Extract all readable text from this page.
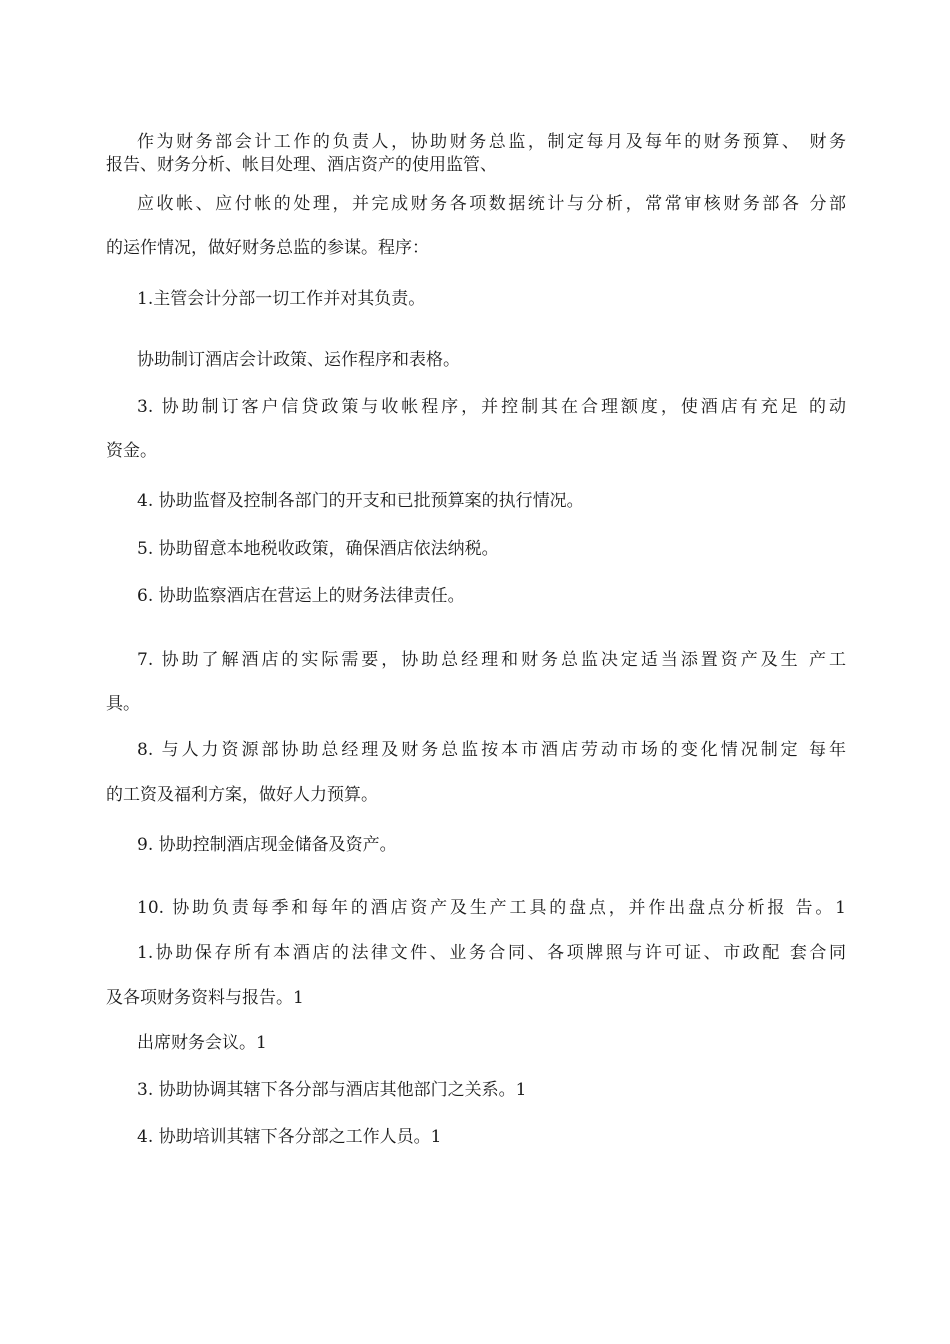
作为财务部会计工作的负责人，协助财务总监，制定每月及每年的财务预算、 财务
报告、财务分析、帐目处理、酒店资产的使用监管、
应收帐、应付帐的处理，并完成财务各项数据统计与分析，常常审核财务部各 分部
的运作情况，做好财务总监的参谋。程序：
1.主管会计分部一切工作并对其负责。
协助制订酒店会计政策、运作程序和表格。
3. 协助制订客户信贷政策与收帐程序，并控制其在合理额度，使酒店有充足 的动
资金。
4. 协助监督及控制各部门的开支和已批预算案的执行情况。
5. 协助留意本地税收政策，确保酒店依法纳税。
6. 协助监察酒店在营运上的财务法律责任。
7. 协助了解酒店的实际需要，协助总经理和财务总监决定适当添置资产及生 产工
具。
8. 与人力资源部协助总经理及财务总监按本市酒店劳动市场的变化情况制定 每年
的工资及福利方案，做好人力预算。
9. 协助控制酒店现金储备及资产。
10. 协助负责每季和每年的酒店资产及生产工具的盘点，并作出盘点分析报 告。1
1.协助保存所有本酒店的法律文件、业务合同、各项牌照与许可证、市政配 套合同
及各项财务资料与报告。1
出席财务会议。1
3. 协助协调其辖下各分部与酒店其他部门之关系。1
4. 协助培训其辖下各分部之工作人员。1
